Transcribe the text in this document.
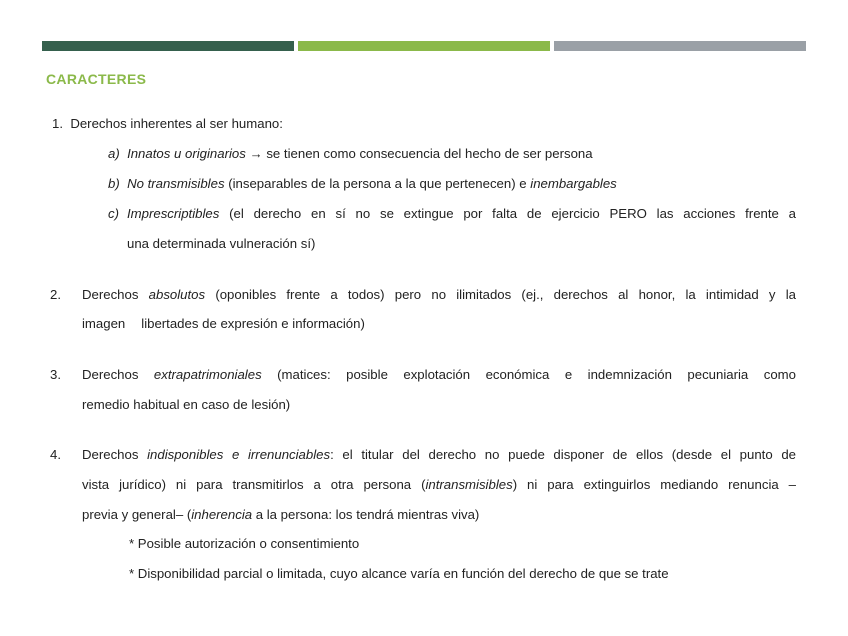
CARACTERES
1. Derechos inherentes al ser humano:
a) Innatos u originarios → se tienen como consecuencia del hecho de ser persona
b) No transmisibles (inseparables de la persona a la que pertenecen) e inembargables
c) Imprescriptibles (el derecho en sí no se extingue por falta de ejercicio PERO las acciones frente a
una determinada vulneración sí)
2. Derechos absolutos (oponibles frente a todos) pero no ilimitados (ej., derechos al honor, la intimidad y la
imagen libertades de expresión e información)
3. Derechos extrapatrimoniales (matices: posible explotación económica e indemnización pecuniaria como
remedio habitual en caso de lesión)
4. Derechos indisponibles e irrenunciables: el titular del derecho no puede disponer de ellos (desde el punto de
vista jurídico) ni para transmitirlos a otra persona (intransmisibles) ni para extinguirlos mediando renuncia –
previa y general– (inherencia a la persona: los tendrá mientras viva)
* Posible autorización o consentimiento
* Disponibilidad parcial o limitada, cuyo alcance varía en función del derecho de que se trate
